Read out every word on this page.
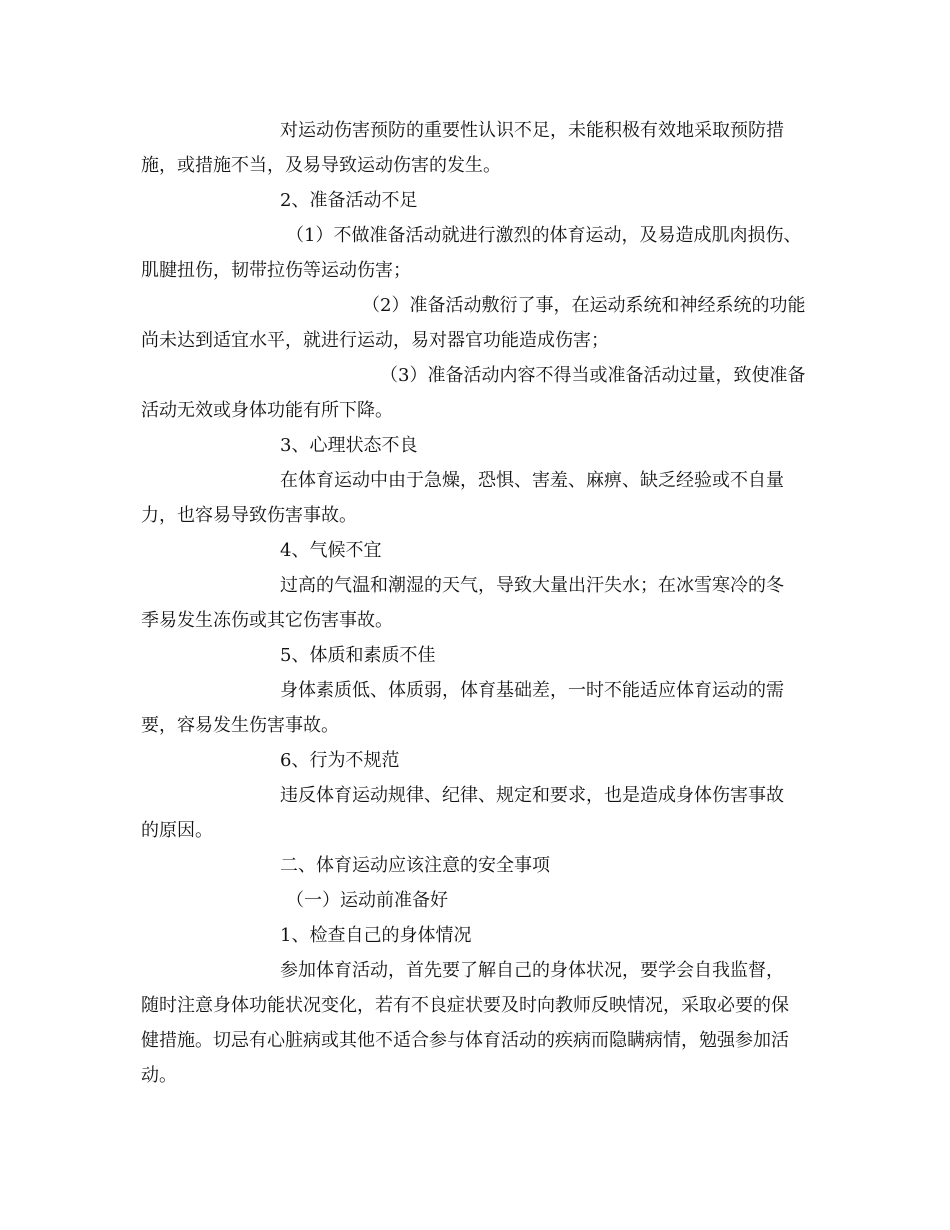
对运动伤害预防的重要性认识不足，未能积极有效地采取预防措
施，或措施不当，及易导致运动伤害的发生。
2、准备活动不足
（1）不做准备活动就进行激烈的体育运动，及易造成肌肉损伤、
肌腱扭伤，韧带拉伤等运动伤害；
（2）准备活动敷衍了事，在运动系统和神经系统的功能
尚未达到适宜水平，就进行运动，易对器官功能造成伤害；
（3）准备活动内容不得当或准备活动过量，致使准备
活动无效或身体功能有所下降。
3、心理状态不良
在体育运动中由于急燥，恐惧、害羞、麻痹、缺乏经验或不自量
力，也容易导致伤害事故。
4、气候不宜
过高的气温和潮湿的天气，导致大量出汗失水；在冰雪寒冷的冬
季易发生冻伤或其它伤害事故。
5、体质和素质不佳
身体素质低、体质弱，体育基础差，一时不能适应体育运动的需
要，容易发生伤害事故。
6、行为不规范
违反体育运动规律、纪律、规定和要求，也是造成身体伤害事故
的原因。
二、体育运动应该注意的安全事项
（一）运动前准备好
1、检查自己的身体情况
参加体育活动，首先要了解自己的身体状况，要学会自我监督，
随时注意身体功能状况变化，若有不良症状要及时向教师反映情况，采取必要的保
健措施。切忌有心脏病或其他不适合参与体育活动的疾病而隐瞒病情，勉强参加活
动。
